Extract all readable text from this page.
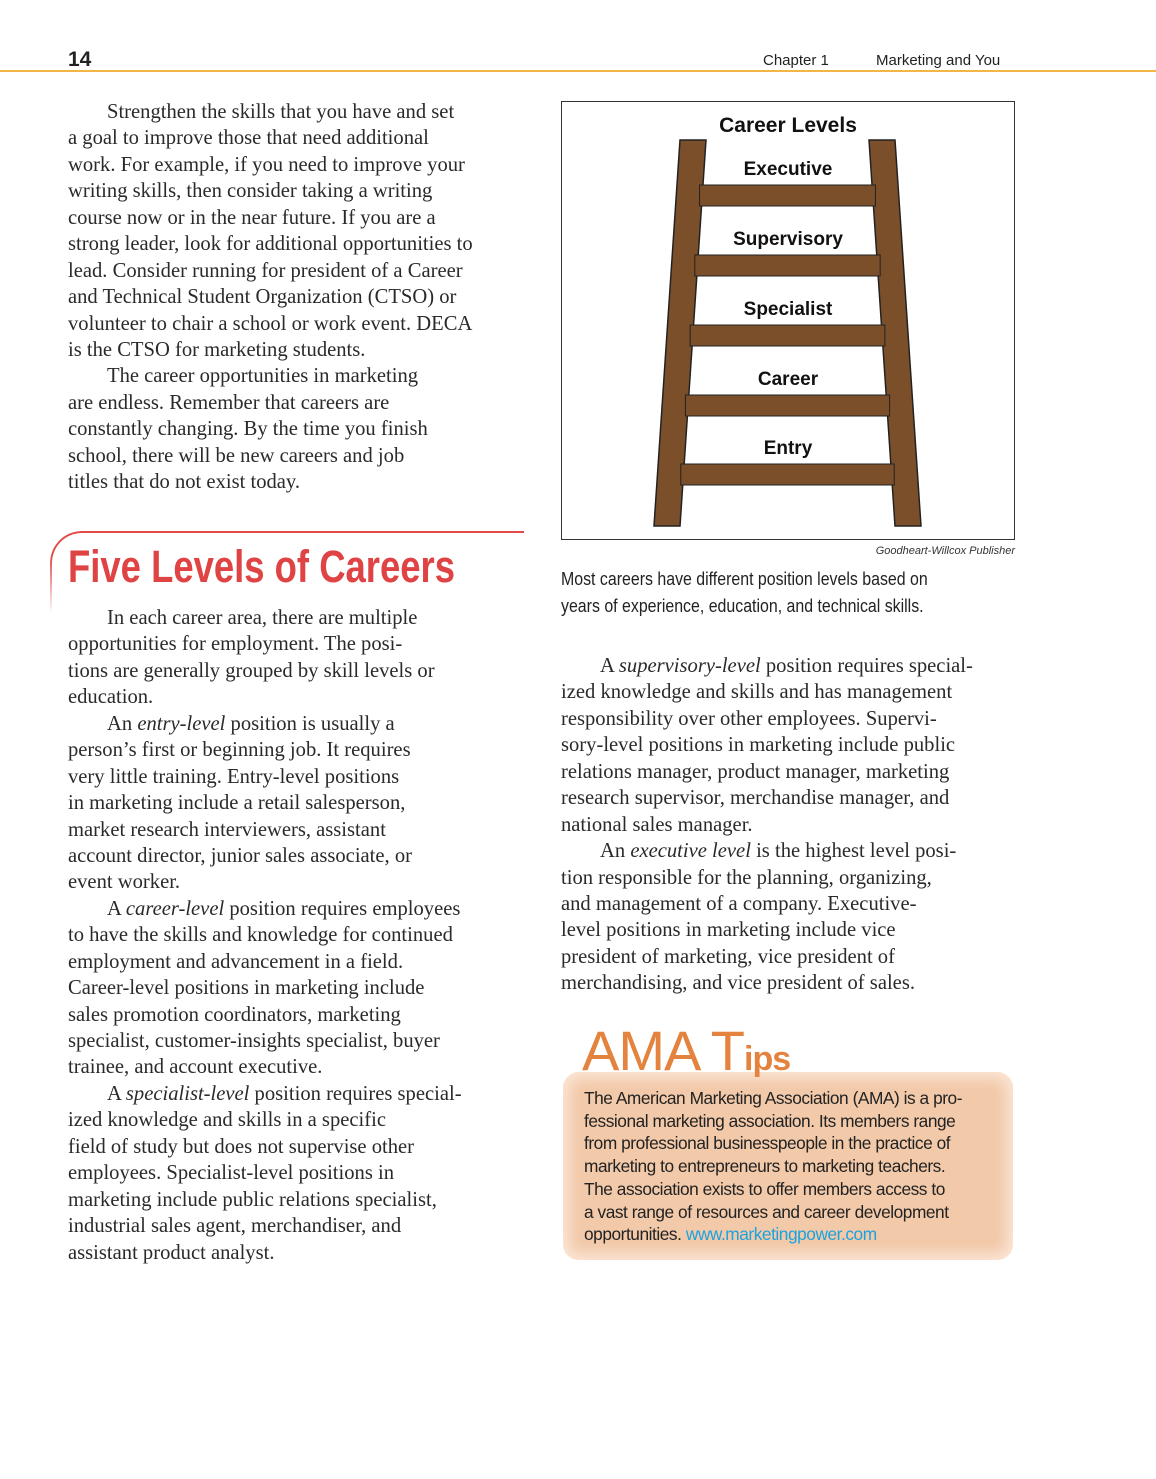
14	Chapter 1	Marketing and You
Strengthen the skills that you have and set
a goal to improve those that need additional
work. For example, if you need to improve your
writing skills, then consider taking a writing
course now or in the near future. If you are a
strong leader, look for additional opportunities to
lead. Consider running for president of a Career
and Technical Student Organization (CTSO) or
volunteer to chair a school or work event. DECA
is the CTSO for marketing students.
The career opportunities in marketing
are endless. Remember that careers are
constantly changing. By the time you finish
school, there will be new careers and job
titles that do not exist today.
Five Levels of Careers
In each career area, there are multiple
opportunities for employment. The posi-
tions are generally grouped by skill levels or
education.
An entry-level position is usually a
person’s first or beginning job. It requires
very little training. Entry-level positions
in marketing include a retail salesperson,
market research interviewers, assistant
account director, junior sales associate, or
event worker.
A career-level position requires employees
to have the skills and knowledge for continued
employment and advancement in a field.
Career-level positions in marketing include
sales promotion coordinators, marketing
specialist, customer-insights specialist, buyer
trainee, and account executive.
A specialist-level position requires special-
ized knowledge and skills in a specific
field of study but does not supervise other
employees. Specialist-level positions in
marketing include public relations specialist,
industrial sales agent, merchandiser, and
assistant product analyst.
Career Levels
Executive
Supervisory
Specialist
Career
Entry
Goodheart-Willcox Publisher
Most careers have different position levels based on
years of experience, education, and technical skills.
A supervisory-level position requires special-
ized knowledge and skills and has management
responsibility over other employees. Supervi-
sory-level positions in marketing include public
relations manager, product manager, marketing
research supervisor, merchandise manager, and
national sales manager.
An executive level is the highest level posi-
tion responsible for the planning, organizing,
and management of a company. Executive-
level positions in marketing include vice
president of marketing, vice president of
merchandising, and vice president of sales.
AMA Tips
The American Marketing Association (AMA) is a pro-
fessional marketing association. Its members range
from professional businesspeople in the practice of
marketing to entrepreneurs to marketing teachers.
The association exists to offer members access to
a vast range of resources and career development
opportunities. www.marketingpower.com
